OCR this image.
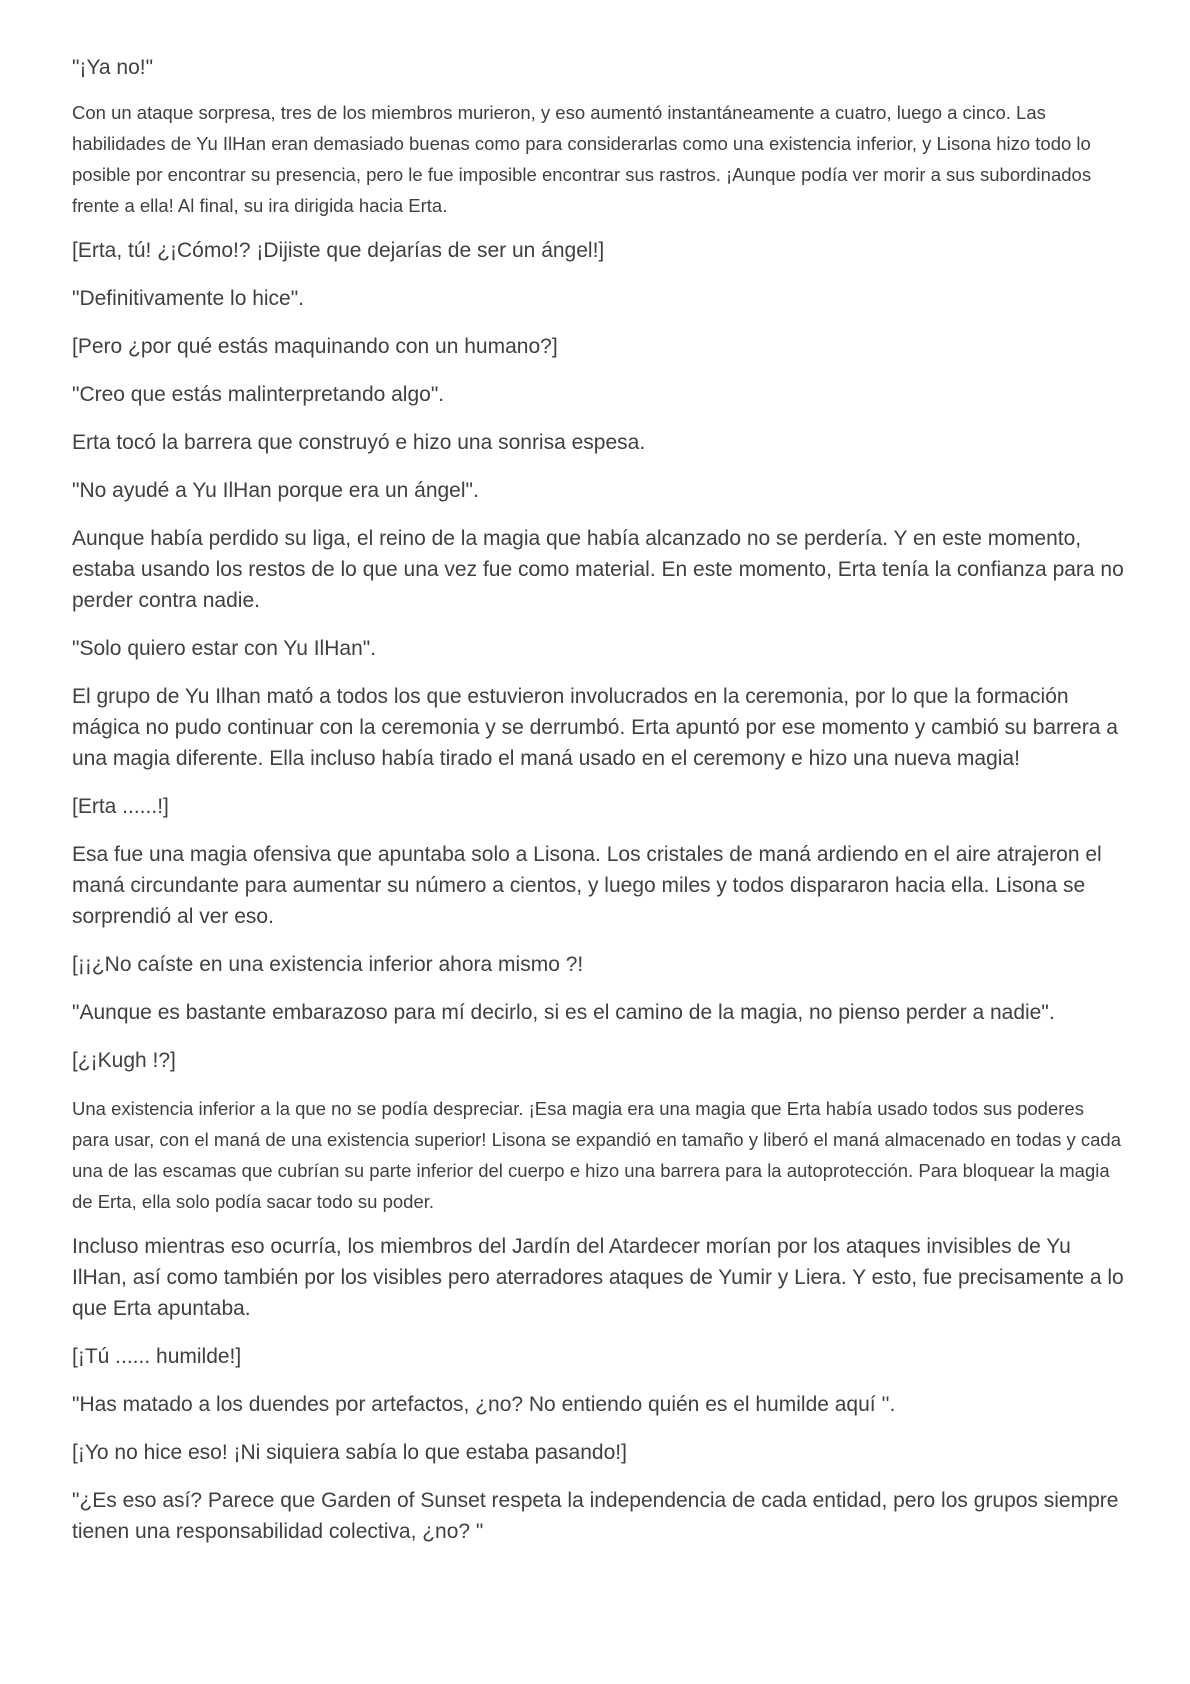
"¡Ya no!"

Con un ataque sorpresa, tres de los miembros murieron, y eso aumentó instantáneamente a cuatro, luego a cinco. Las habilidades de Yu IlHan eran demasiado buenas como para considerarlas como una existencia inferior, y Lisona hizo todo lo posible por encontrar su presencia, pero le fue imposible encontrar sus rastros. ¡Aunque podía ver morir a sus subordinados frente a ella! Al final, su ira dirigida hacia Erta.

[Erta, tú! ¿¡Cómo!? ¡Dijiste que dejarías de ser un ángel!]

"Definitivamente lo hice".

[Pero ¿por qué estás maquinando con un humano?]

"Creo que estás malinterpretando algo".

Erta tocó la barrera que construyó e hizo una sonrisa espesa.

"No ayudé a Yu IlHan porque era un ángel".

Aunque había perdido su liga, el reino de la magia que había alcanzado no se perdería. Y en este momento, estaba usando los restos de lo que una vez fue como material. En este momento, Erta tenía la confianza para no perder contra nadie.

"Solo quiero estar con Yu IlHan".

El grupo de Yu Ilhan mató a todos los que estuvieron involucrados en la ceremonia, por lo que la formación mágica no pudo continuar con la ceremonia y se derrumbó. Erta apuntó por ese momento y cambió su barrera a una magia diferente. Ella incluso había tirado el maná usado en el ceremony e hizo una nueva magia!

[Erta ......!]

Esa fue una magia ofensiva que apuntaba solo a Lisona. Los cristales de maná ardiendo en el aire atrajeron el maná circundante para aumentar su número a cientos, y luego miles y todos dispararon hacia ella. Lisona se sorprendió al ver eso.

[¡¡¿No caíste en una existencia inferior ahora mismo ?!

"Aunque es bastante embarazoso para mí decirlo, si es el camino de la magia, no pienso perder a nadie".

[¿¡Kugh !?]

Una existencia inferior a la que no se podía despreciar. ¡Esa magia era una magia que Erta había usado todos sus poderes para usar, con el maná de una existencia superior! Lisona se expandió en tamaño y liberó el maná almacenado en todas y cada una de las escamas que cubrían su parte inferior del cuerpo e hizo una barrera para la autoprotección. Para bloquear la magia de Erta, ella solo podía sacar todo su poder.

Incluso mientras eso ocurría, los miembros del Jardín del Atardecer morían por los ataques invisibles de Yu IlHan, así como también por los visibles pero aterradores ataques de Yumir y Liera. Y esto, fue precisamente a lo que Erta apuntaba.

[¡Tú ...... humilde!]

"Has matado a los duendes por artefactos, ¿no? No entiendo quién es el humilde aquí ''.

[¡Yo no hice eso! ¡Ni siquiera sabía lo que estaba pasando!]

"¿Es eso así? Parece que Garden of Sunset respeta la independencia de cada entidad, pero los grupos siempre tienen una responsabilidad colectiva, ¿no? "
